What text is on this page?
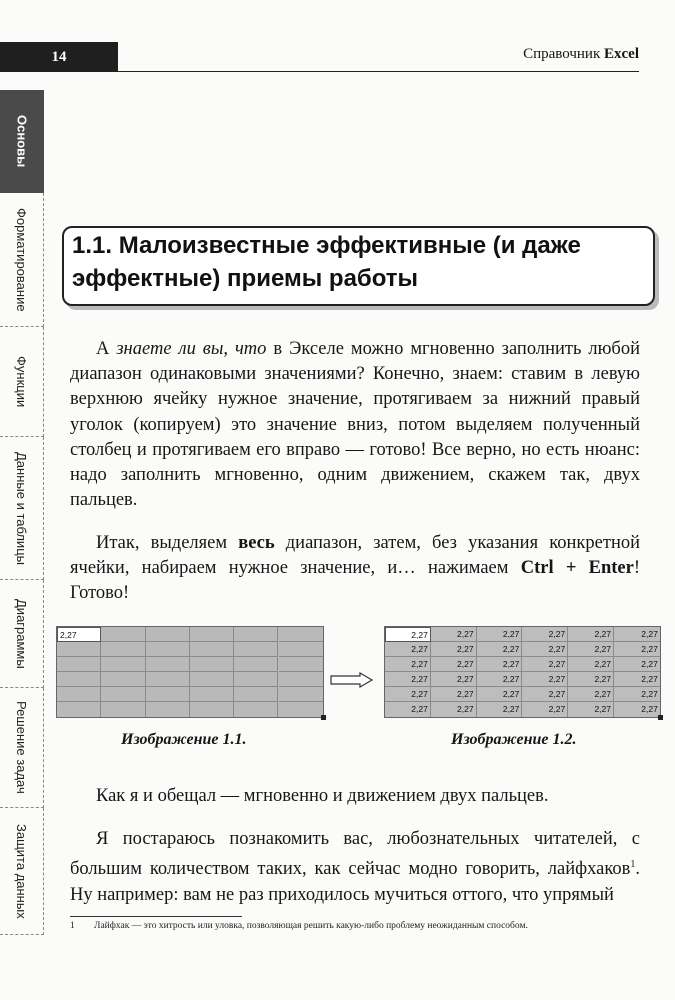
14	Справочник Excel
Основы
Форматирование
Функции
Данные и таблицы
Диаграммы
Решение задач
Защита данных
1.1. Малоизвестные эффективные (и даже эффектные) приемы работы

А знаете ли вы, что в Экселе можно мгновенно заполнить любой диапазон одинаковыми значениями? Конечно, знаем: ставим в левую верхнюю ячейку нужное значение, протягиваем за нижний правый уголок (копируем) это значение вниз, потом выделяем полученный столбец и протягиваем его вправо — готово! Все верно, но есть нюанс: надо заполнить мгновенно, одним движением, скажем так, двух пальцев.

Итак, выделяем весь диапазон, затем, без указания конкретной ячейки, набираем нужное значение, и… нажимаем Ctrl + Enter! Готово!

2,27	2,27	2,27	2,27	2,27	2,27	2,27
2,27	2,27	2,27	2,27	2,27	2,27
2,27	2,27	2,27	2,27	2,27	2,27
2,27	2,27	2,27	2,27	2,27	2,27
2,27	2,27	2,27	2,27	2,27	2,27
2,27	2,27	2,27	2,27	2,27	2,27
Изображение 1.1.	Изображение 1.2.

Как я и обещал — мгновенно и движением двух пальцев.

Я постараюсь познакомить вас, любознательных читателей, с большим количеством таких, как сейчас модно говорить, лайфхаков$^1$. Ну например: вам не раз приходилось мучиться оттого, что упрямый

1 Лайфхак — это хитрость или уловка, позволяющая решить какую-либо проблему неожиданным способом.
